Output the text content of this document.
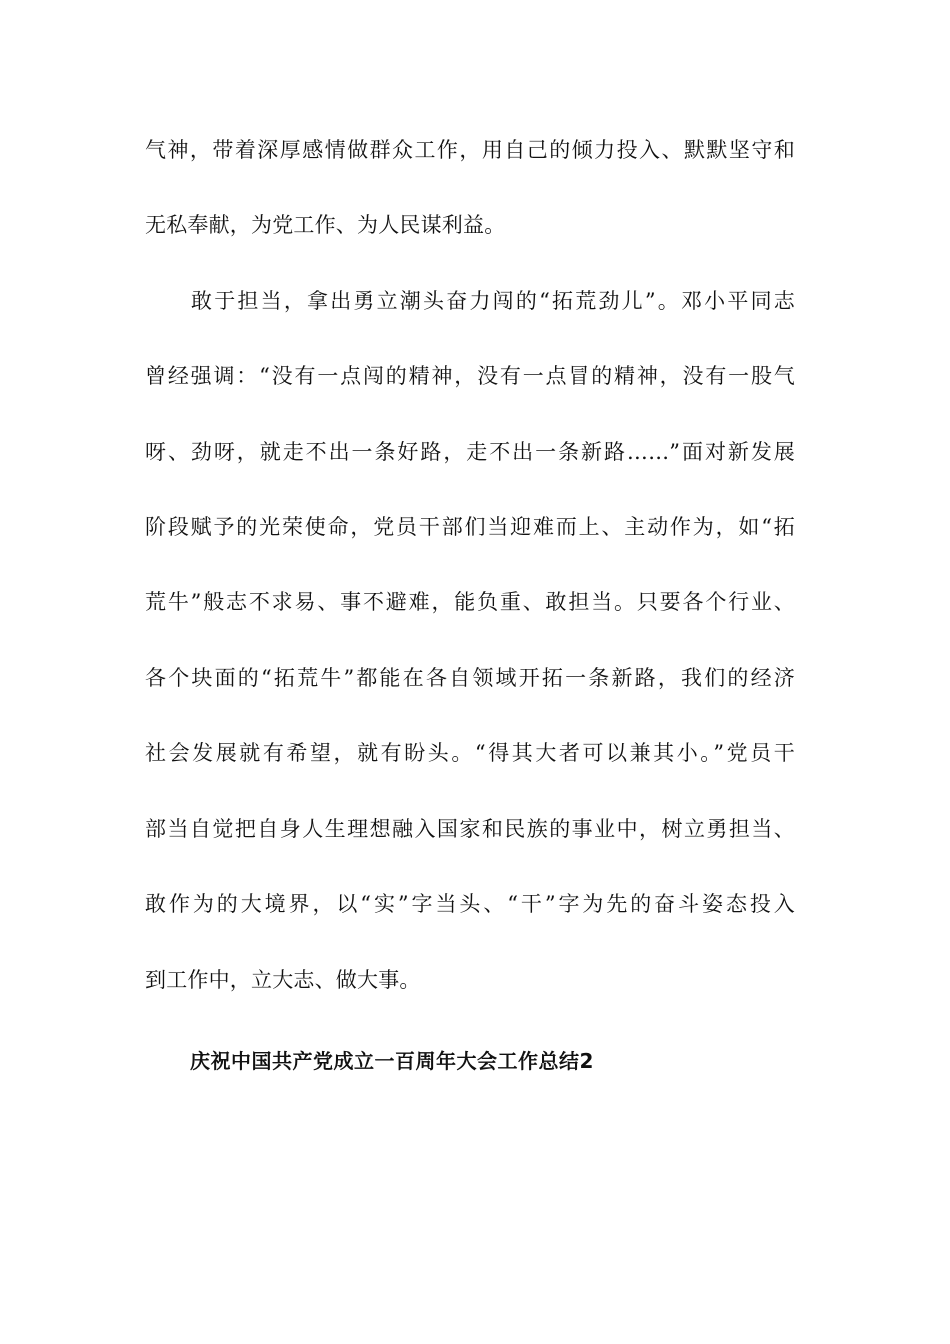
气神，带着深厚感情做群众工作，用自己的倾力投入、默默坚守和
无私奉献，为党工作、为人民谋利益。
敢于担当，拿出勇立潮头奋力闯的“拓荒劲儿”。邓小平同志
曾经强调：“没有一点闯的精神，没有一点冒的精神，没有一股气
呀、劲呀，就走不出一条好路，走不出一条新路……”面对新发展
阶段赋予的光荣使命，党员干部们当迎难而上、主动作为，如“拓
荒牛”般志不求易、事不避难，能负重、敢担当。只要各个行业、
各个块面的“拓荒牛”都能在各自领域开拓一条新路，我们的经济
社会发展就有希望，就有盼头。“得其大者可以兼其小。”党员干
部当自觉把自身人生理想融入国家和民族的事业中，树立勇担当、
敢作为的大境界，以“实”字当头、“干”字为先的奋斗姿态投入
到工作中，立大志、做大事。
庆祝中国共产党成立一百周年大会工作总结2
